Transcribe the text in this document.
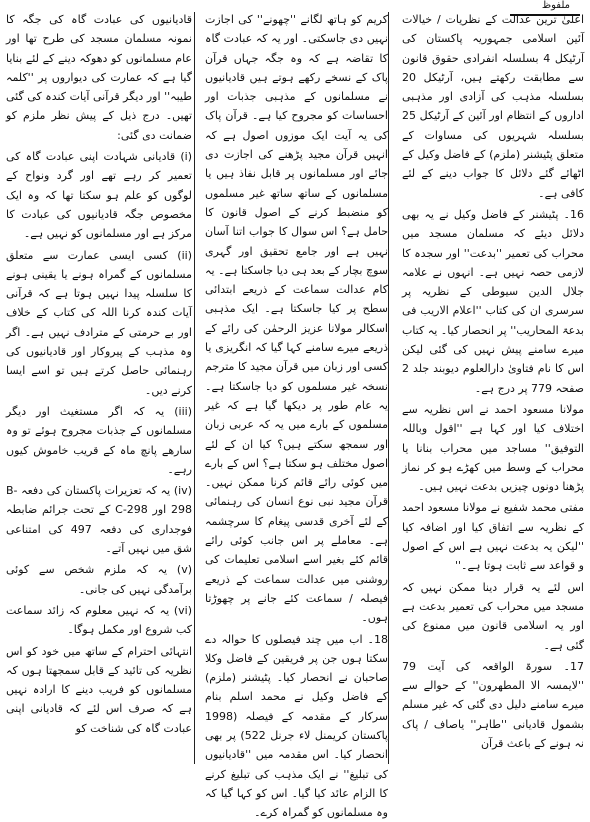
ملفوظ

اعلیٰ ترین عدالت کے نظریات / خیالات آئین اسلامی جمہوریہ پاکستان کی آرٹیکل 4 بسلسلہ انفرادی حقوق قانون سے مطابقت رکھتے ہیں، آرٹیکل 20 بسلسلہ مذہب کی آزادی اور مذہبی اداروں کے انتظام اور آئین کے آرٹیکل 25 بسلسلہ شہریوں کی مساوات کے متعلق پٹیشنر (ملزم) کے فاضل وکیل کے اٹھائے گئے دلائل کا جواب دینے کے لئے کافی ہے۔

16۔ پٹیشنر کے فاضل وکیل نے یہ بھی دلائل دیئے کہ مسلمان مسجد میں محراب کی تعمیر ''بدعت'' اور سجدہ کا لازمی حصہ نہیں ہے۔ انہوں نے علامہ جلال الدین سیوطی کے نظریہ پر سرسری ان کی کتاب ''اعلام الاریب فی بدعۃ المحاریب'' پر انحصار کیا۔ یہ کتاب میرے سامنے پیش نہیں کی گئی لیکن اس کا نام فتاویٰ دارالعلوم دیوبند جلد 2 صفحہ 779 پر درج ہے۔

مولانا مسعود احمد نے اس نظریہ سے اختلاف کیا اور کہا ہے ''اقول وباللہ التوفیق'' مساجد میں محراب بنانا یا محراب کے وسط میں کھڑے ہو کر نماز پڑھنا دونوں چیزیں بدعت نہیں ہیں۔

مفتی محمد شفیع نے مولانا مسعود احمد کے نظریہ سے اتفاق کیا اور اضافہ کیا ''لیکن یہ بدعت نہیں ہے اس کے اصول و قواعد سے ثابت ہوتا ہے۔''

اس لئے یہ قرار دینا ممکن نہیں کہ مسجد میں محراب کی تعمیر بدعت ہے اور یہ اسلامی قانون میں ممنوع کی گئی ہے۔

17۔ سورۃ الواقعہ کی آیت 79 ''لایمسہ الا المطھرون'' کے حوالے سے میرے سامنے دلیل دی گئی کہ غیر مسلم بشمول قادیانی ''طاہر'' یاصاف / پاک نہ ہونے کے باعث قرآن

کریم کو ہاتھ لگانے ''چھونے'' کی اجازت نہیں دی جاسکتی۔ اور یہ کہ عبادت گاہ کا تقاضہ ہے کہ وہ جگہ جہاں قرآن پاک کے نسخے رکھے ہوتے ہیں قادیانیوں نے مسلمانوں کے مذہبی جذبات اور احساسات کو مجروح کیا ہے۔ قرآن پاک کی یہ آیت ایک موزوں اصول ہے کہ انہیں قرآن مجید پڑھنے کی اجازت دی جائے اور مسلمانوں پر قابل نفاذ ہیں یا مسلمانوں کے ساتھ ساتھ غیر مسلموں کو منضبط کرنے کے اصول قانون کا حامل ہے؟ اس سوال کا جواب اتنا آسان نہیں ہے اور جامع تحقیق اور گہری سوچ بچار کے بعد ہی دیا جاسکتا ہے۔ یہ کام عدالت سماعت کے ذریعے ابتدائی سطح پر کیا جاسکتا ہے۔ ایک مذہبی اسکالر مولانا عزیز الرحمٰن کی رائے کے ذریعے میرے سامنے کہا گیا کہ انگریزی یا کسی اور زبان میں قرآن مجید کا مترجم نسخہ غیر مسلموں کو دیا جاسکتا ہے۔ یہ عام طور پر دیکھا گیا ہے کہ غیر مسلموں کے بارے میں یہ کہ عربی زبان اور سمجھ سکتے ہیں؟ کیا ان کے لئے اصول مختلف ہو سکتا ہے؟ اس کے بارے میں کوئی رائے قائم کرنا ممکن نہیں۔ قرآن مجید نبی نوع انسان کی رہنمائی کے لئے آخری قدسی پیغام کا سرچشمہ ہے۔ معاملے پر اس جانب کوئی رائے قائم کئے بغیر اسے اسلامی تعلیمات کی روشنی میں عدالت سماعت کے ذریعے فیصلہ / سماعت کئے جانے پر چھوڑتا ہوں۔

18۔ اب میں چند فیصلوں کا حوالہ دے سکتا ہوں جن پر فریقین کے فاضل وکلا صاحبان نے انحصار کیا۔ پٹیشنر (ملزم) کے فاضل وکیل نے محمد اسلم بنام سرکار کے مقدمہ کے فیصلہ (1998 پاکستان کریمنل لاء جرنل 522) پر بھی انحصار کیا۔ اس مقدمہ میں ''قادیانیوں کی تبلیغ'' نے ایک مذہب کی تبلیغ کرنے کا الزام عائد کیا گیا۔ اس کو کہا گیا کہ وہ مسلمانوں کو گمراہ کرے۔

قادیانیوں کی عبادت گاہ کی جگہ کا نمونہ مسلمان مسجد کی طرح تھا اور عام مسلمانوں کو دھوکہ دینے کے لئے بنایا گیا ہے کہ عمارت کی دیواروں پر ''کلمہ طیبہ'' اور دیگر قرآنی آیات کندہ کی گئی تھیں۔ درج ذیل کے پیش نظر ملزم کو ضمانت دی گئی:

(i) قادیانی شہادت اپنی عبادت گاہ کی تعمیر کر رہے تھے اور گرد ونواح کے لوگوں کو علم ہو سکتا تھا کہ وہ ایک مخصوص جگہ قادیانیوں کی عبادت کا مرکز ہے اور مسلمانوں کو نہیں ہے۔

(ii) کسی ایسی عمارت سے متعلق مسلمانوں کے گمراہ ہونے یا یقینی ہونے کا سلسلہ پیدا نہیں ہوتا ہے کہ قرآنی آیات کندہ کرنا اللہ کی کتاب کے خلاف اور بے حرمتی کے مترادف نہیں ہے۔ اگر وہ مذہب کے پیروکار اور قادیانیوں کی رہنمائی حاصل کرتے ہیں تو اسے ایسا کرنے دیں۔

(iii) یہ کہ اگر مستغیث اور دیگر مسلمانوں کے جذبات مجروح ہوئے تو وہ سارھے پانچ ماہ کے قریب خاموش کیوں رہے۔

(iv) یہ کہ تعزیرات پاکستان کی دفعہ B-298 اور C-298 کے تحت جرائم ضابطہ فوجداری کی دفعہ 497 کی امتناعی شق میں نہیں آتے۔

(v) یہ کہ ملزم شخص سے کوئی برآمدگی نہیں کی جانی۔

(vi) یہ کہ نہیں معلوم کہ زائد سماعت کب شروع اور مکمل ہوگا۔

انتہائی احترام کے ساتھ میں خود کو اس نظریہ کی تائید کے قابل سمجھتا ہوں کہ مسلمانوں کو فریب دینے کا ارادہ نہیں ہے کہ صرف اس لئے کہ قادیانی اپنی عبادت گاہ کی شناخت کو
